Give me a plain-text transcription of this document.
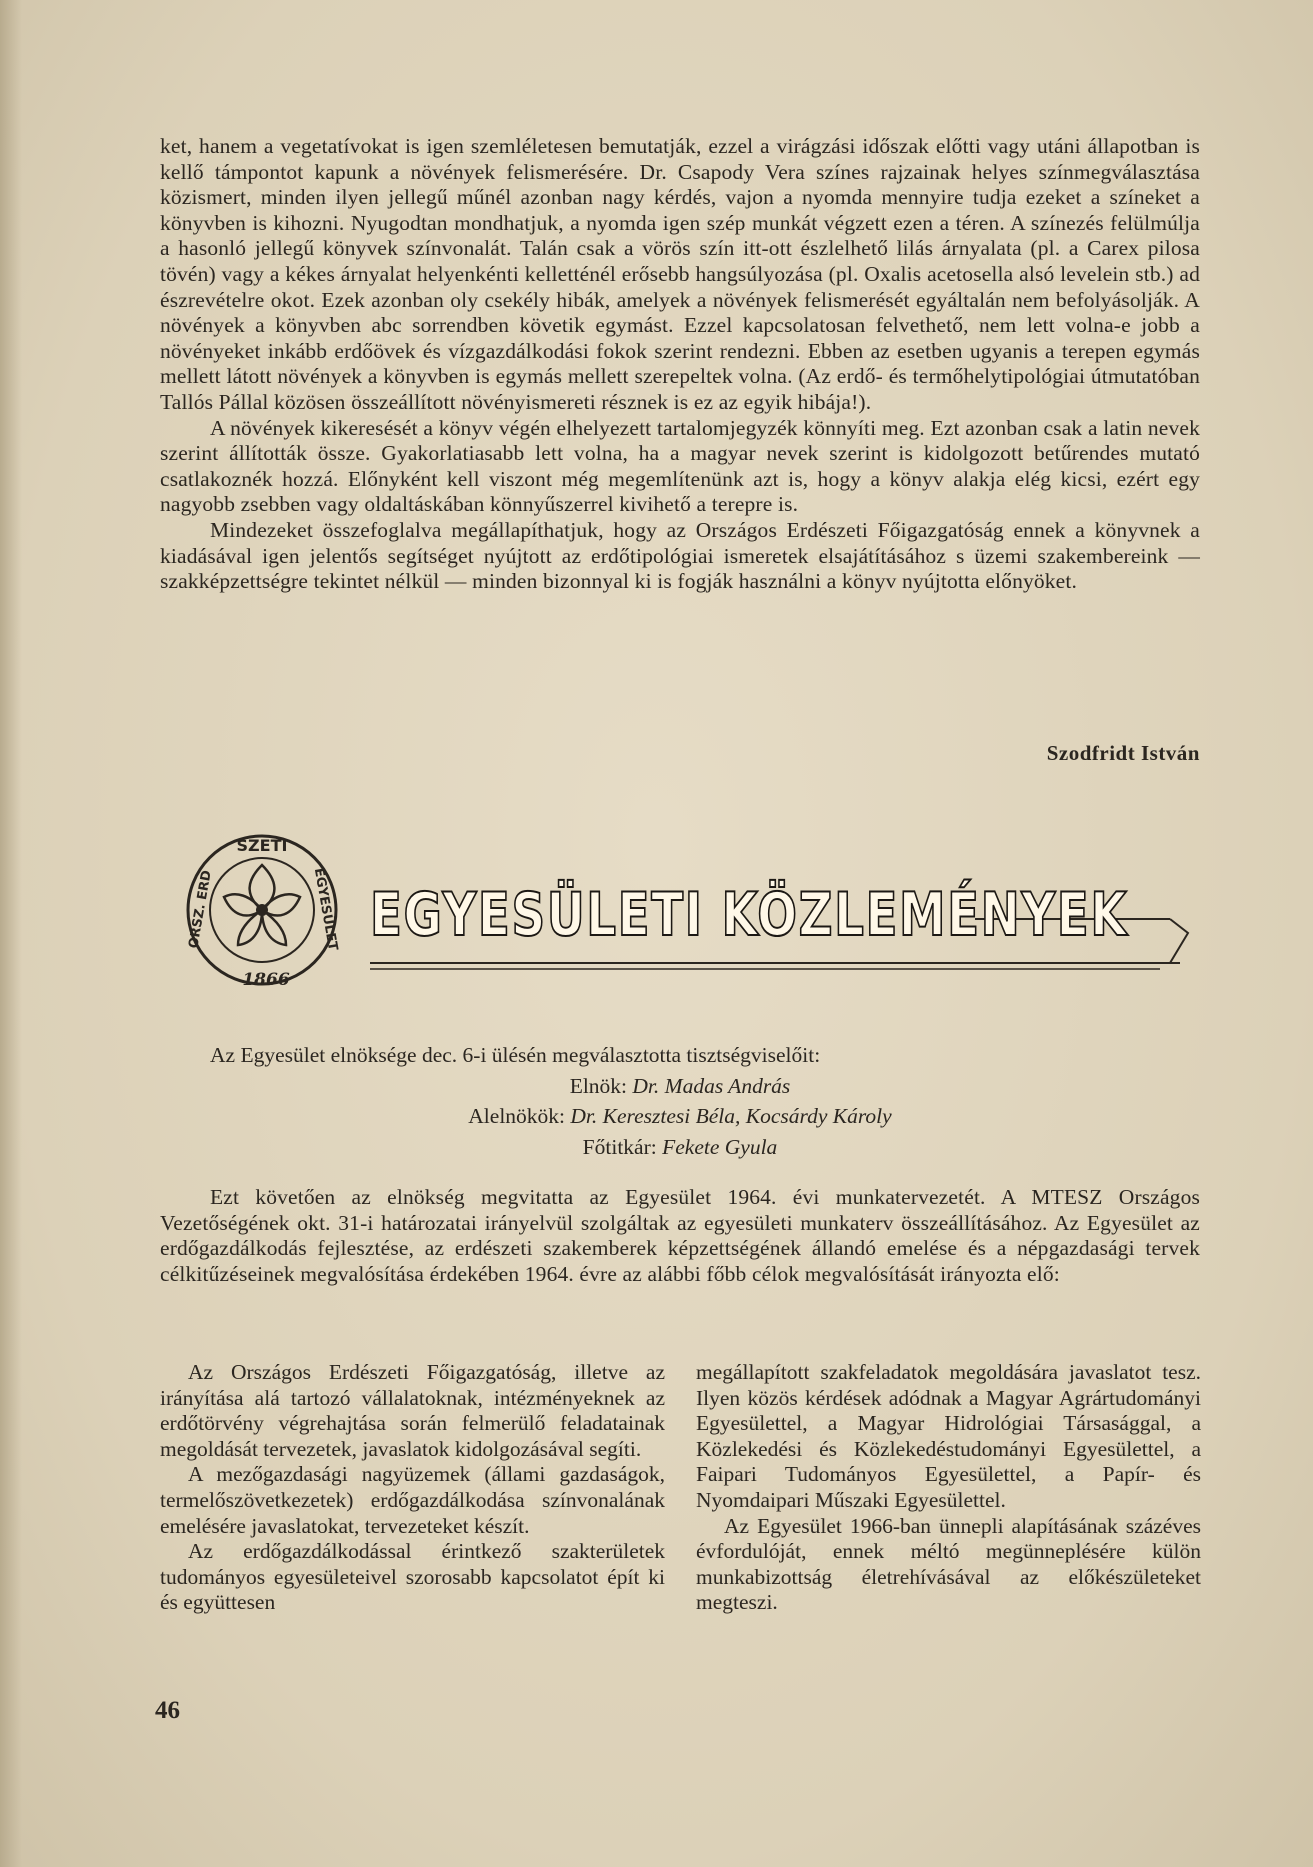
ket, hanem a vegetatívokat is igen szemléletesen bemutatják, ezzel a virágzási időszak előtti vagy utáni állapotban is kellő támpontot kapunk a növények felismerésére. Dr. Csapody Vera színes rajzainak helyes színmegválasztása közismert, minden ilyen jellegű műnél azonban nagy kérdés, vajon a nyomda mennyire tudja ezeket a színeket a könyvben is kihozni. Nyugodtan mondhatjuk, a nyomda igen szép munkát végzett ezen a téren. A színezés felülmúlja a hasonló jellegű könyvek színvonalát. Talán csak a vörös szín itt-ott észlelhető lilás árnyalata (pl. a Carex pilosa tövén) vagy a kékes árnyalat helyenkénti kelletténél erősebb hangsúlyozása (pl. Oxalis acetosella alsó levelein stb.) ad észrevételre okot. Ezek azonban oly csekély hibák, amelyek a növények felismerését egyáltalán nem befolyásolják. A növények a könyvben abc sorrendben követik egymást. Ezzel kapcsolatosan felvethető, nem lett volna-e jobb a növényeket inkább erdőövek és vízgazdálkodási fokok szerint rendezni. Ebben az esetben ugyanis a terepen egymás mellett látott növények a könyvben is egymás mellett szerepeltek volna. (Az erdő- és termőhelytipológiai útmutatóban Tallós Pállal közösen összeállított növényismereti résznek is ez az egyik hibája!).

A növények kikeresését a könyv végén elhelyezett tartalomjegyzék könnyíti meg. Ezt azonban csak a latin nevek szerint állították össze. Gyakorlatiasabb lett volna, ha a magyar nevek szerint is kidolgozott betűrendes mutató csatlakoznék hozzá. Előnyként kell viszont még megemlítenünk azt is, hogy a könyv alakja elég kicsi, ezért egy nagyobb zsebben vagy oldaltáskában könnyűszerrel kivihető a terepre is.

Mindezeket összefoglalva megállapíthatjuk, hogy az Országos Erdészeti Főigazgatóság ennek a könyvnek a kiadásával igen jelentős segítséget nyújtott az erdőtipológiai ismeretek elsajátításához s üzemi szakembereink — szakképzettségre tekintet nélkül — minden bizonnyal ki is fogják használni a könyv nyújtotta előnyöket.

Szodfridt István
SZETI
ORSZ. ERD	EGYESÜLET
1866
EGYESÜLETI KÖZLEMÉNYEK
Az Egyesület elnöksége dec. 6-i ülésén megválasztotta tisztségviselőit:
Elnök: Dr. Madas András
Alelnökök: Dr. Keresztesi Béla, Kocsárdy Károly
Főtitkár: Fekete Gyula

Ezt követően az elnökség megvitatta az Egyesület 1964. évi munkatervezetét. A MTESZ Országos Vezetőségének okt. 31-i határozatai irányelvül szolgáltak az egyesületi munkaterv összeállításához. Az Egyesület az erdőgazdálkodás fejlesztése, az erdészeti szakemberek képzettségének állandó emelése és a népgazdasági tervek célkitűzéseinek megvalósítása érdekében 1964. évre az alábbi főbb célok megvalósítását irányozta elő:

Az Országos Erdészeti Főigazgatóság, illetve az irányítása alá tartozó vállalatoknak, intézményeknek az erdőtörvény végrehajtása során felmerülő feladatainak megoldását tervezetek, javaslatok kidolgozásával segíti.

A mezőgazdasági nagyüzemek (állami gazdaságok, termelőszövetkezetek) erdőgazdálkodása színvonalának emelésére javaslatokat, tervezeteket készít.

Az erdőgazdálkodással érintkező szakterületek tudományos egyesületeivel szorosabb kapcsolatot épít ki és együttesen

megállapított szakfeladatok megoldására javaslatot tesz. Ilyen közös kérdések adódnak a Magyar Agrártudományi Egyesülettel, a Magyar Hidrológiai Társasággal, a Közlekedési és Közlekedéstudományi Egyesülettel, a Faipari Tudományos Egyesülettel, a Papír- és Nyomdaipari Műszaki Egyesülettel.

Az Egyesület 1966-ban ünnepli alapításának százéves évfordulóját, ennek méltó megünneplésére külön munkabizottság életrehívásával az előkészületeket megteszi.

46
